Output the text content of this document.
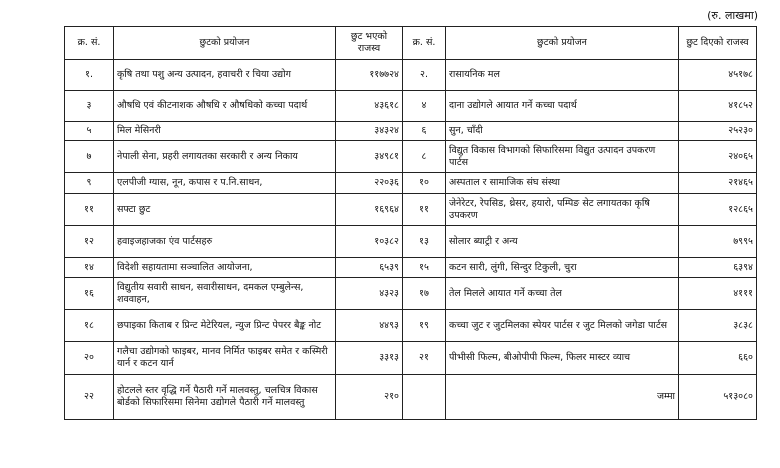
(रु. लाखमा)
क्र. सं.	छुटको प्रयोजन	छुट भएको राजस्व	क्र. सं.	छुटको प्रयोजन	छुट दिएको राजस्व
१.	कृषि तथा पशु अन्य उत्पादन, हवाचरी र चिया उद्योग	११७७२४	२.	रासायनिक मल	४५१७८
३	औषधि एवं कीटनाशक औषधि र औषधिको कच्चा पदार्थ	४३६१८	४	दाना उद्योगले आयात गर्ने कच्चा पदार्थ	४१८५२
५	मिल मेसिनरी	३४३२४	६	सुन, चाँदी	२५२३०
७	नेपाली सेना, प्रहरी लगायतका सरकारी र अन्य निकाय	३४९८१	८	विद्युत विकास विभागको सिफारिसमा विद्युत उत्पादन उपकरण पार्टस	२४०६५
९	एलपीजी ग्यास, नून, कपास र प.नि.साधन,	२२०३६	१०	अस्पताल र सामाजिक संघ संस्था	२१४६५
११	सफ्टा छुट	१६९६४	११	जेनेरेटर, रेपसिड, थ्रेसर, हयारो, पम्पिङ सेट लगायतका कृषि उपकरण	१२८६५
१२	हवाइजहाजका एंव पार्टसहरु	१०३८२	१३	सोलार ब्याट्री र अन्य	७९९५
१४	विदेशी सहायतामा सञ्चालित आयोजना,	६५३९	१५	कटन सारी, लुंगी, सिन्दुर टिकुली, चुरा	६३९४
१६	विद्युतीय सवारी साधन, सवारीसाधन, दमकल एम्बुलेन्स, शववाहन,	४३२३	१७	तेल मिलले आयात गर्ने कच्चा तेल	४१११
१८	छपाइका किताब र प्रिन्ट मेटेरियल, न्युज प्रिन्ट पेपरर बैङ्क नोट	४४९३	१९	कच्चा जुट र जुटमिलका स्पेयर पार्टस र जुट मिलको जगेडा पार्टस	३८३८
२०	गलैचा उद्योगको फाइबर, मानव निर्मित फाइबर समेत र कस्मिरी यार्न र कटन यार्न	३३१३	२१	पीभीसी फिल्म, बीओपीपी फिल्म, फिलर मास्टर व्याच	६६०
२२	होटलले स्तर वृद्धि गर्ने पैठारी गर्ने मालवस्तु, चलचित्र विकास बोर्डको सिफारिसमा सिनेमा उद्योगले पैठारी गर्ने मालवस्तु	२१०		जम्मा	५१३०८०
